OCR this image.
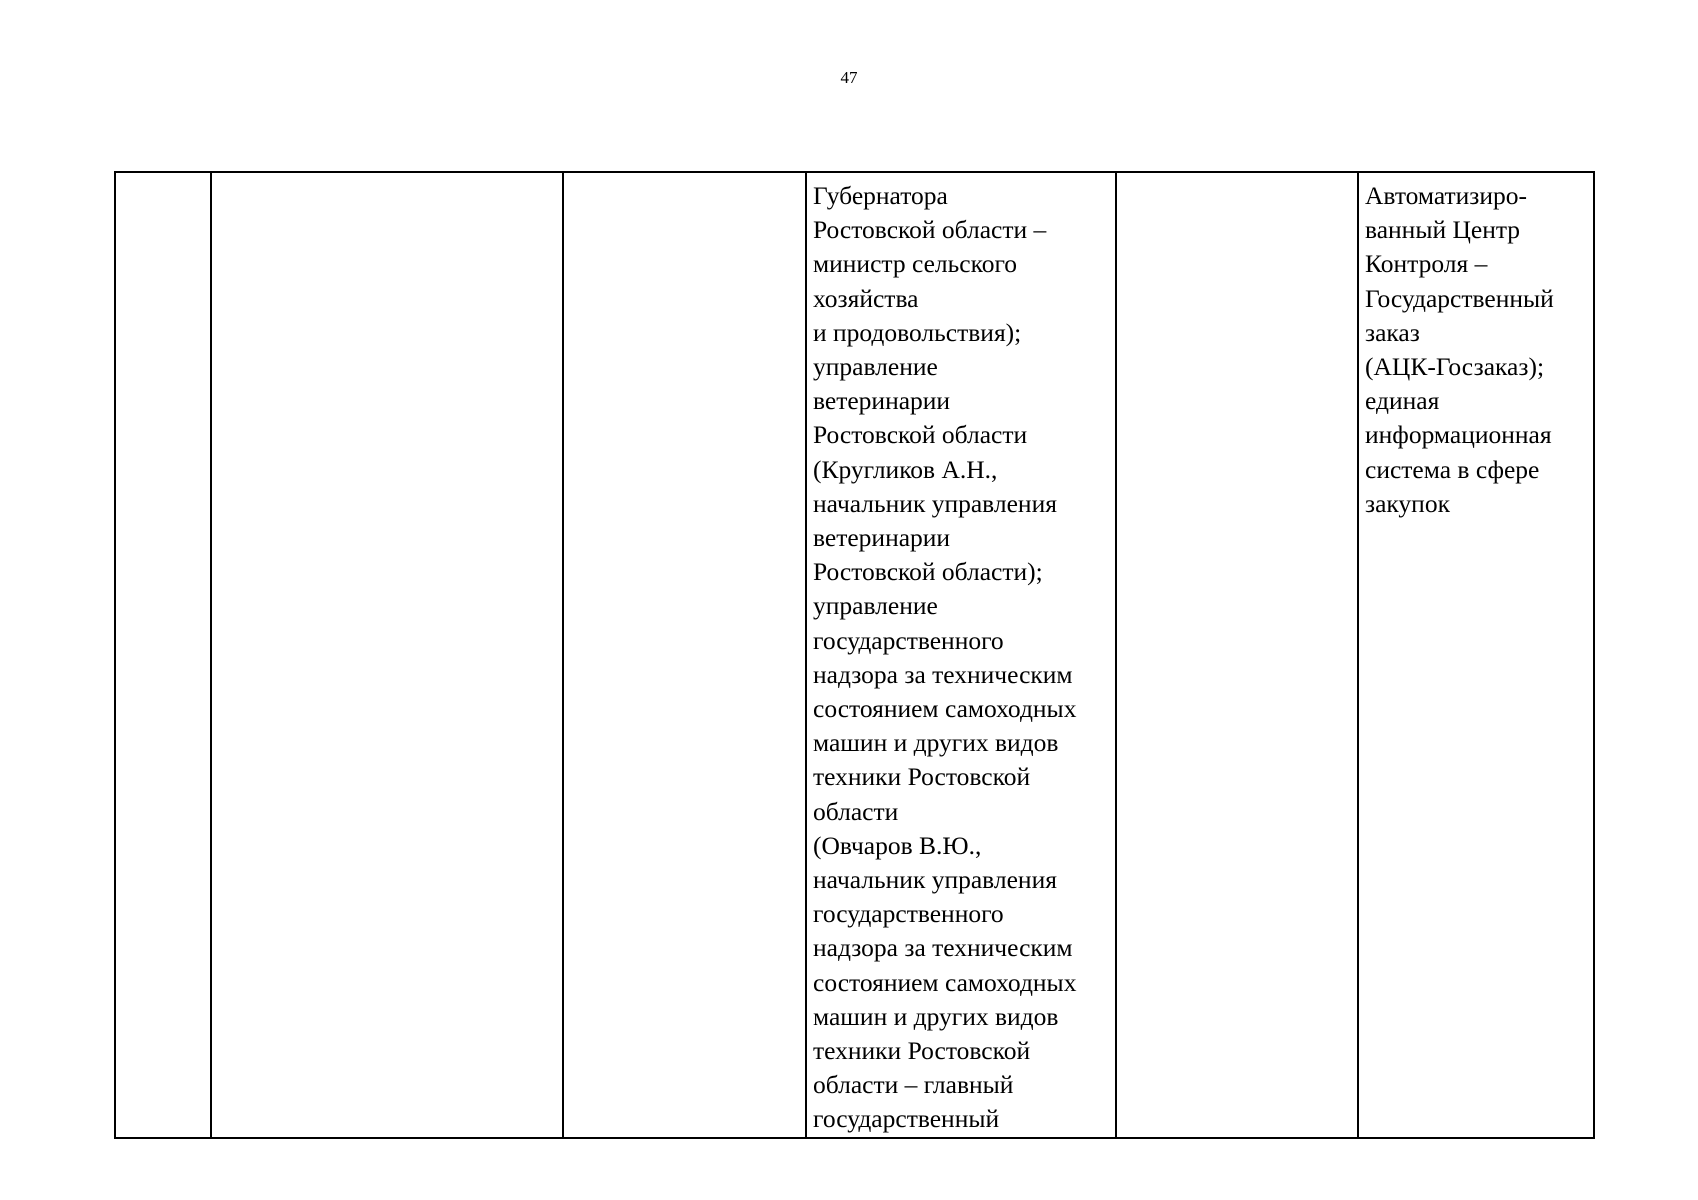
47
			Губернатора
Ростовской области –
министр сельского
хозяйства
и продовольствия);
управление
ветеринарии
Ростовской области
(Кругликов А.Н.,
начальник управления
ветеринарии
Ростовской области);
управление
государственного
надзора за техническим
состоянием самоходных
машин и других видов
техники Ростовской
области
(Овчаров В.Ю.,
начальник управления
государственного
надзора за техническим
состоянием самоходных
машин и других видов
техники Ростовской
области – главный
государственный		Автоматизиро-
ванный Центр
Контроля –
Государственный
заказ
(АЦК-Госзаказ);
единая
информационная
система в сфере
закупок
